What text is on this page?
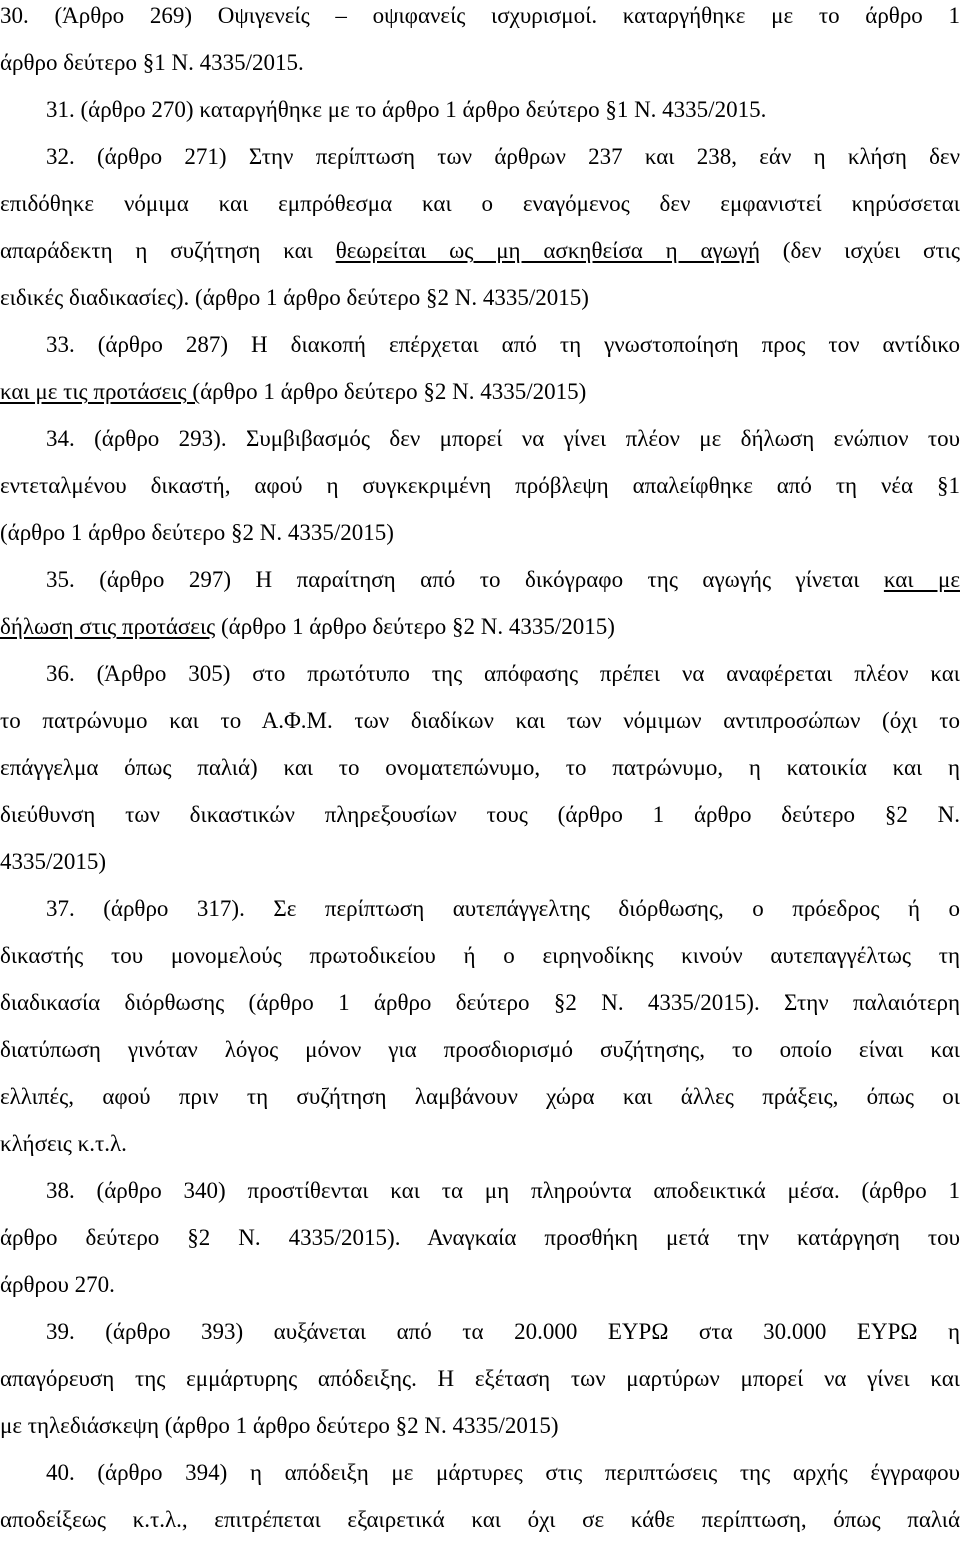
30. (Άρθρο 269) Οψιγενείς – οψιφανείς ισχυρισμοί. καταργήθηκε με το άρθρο 1
άρθρο δεύτερο §1 Ν. 4335/2015.
31. (άρθρο 270) καταργήθηκε με το άρθρο 1 άρθρο δεύτερο §1 Ν. 4335/2015.
32. (άρθρο 271) Στην περίπτωση των άρθρων 237 και 238, εάν η κλήση δεν
επιδόθηκε νόμιμα και εμπρόθεσμα και ο εναγόμενος δεν εμφανιστεί κηρύσσεται
απαράδεκτη η συζήτηση και θεωρείται ως μη ασκηθείσα η αγωγή (δεν ισχύει στις
ειδικές διαδικασίες). (άρθρο 1 άρθρο δεύτερο §2 Ν. 4335/2015)
33. (άρθρο 287) Η διακοπή επέρχεται από τη γνωστοποίηση προς τον αντίδικο
και με τις προτάσεις (άρθρο 1 άρθρο δεύτερο §2 Ν. 4335/2015)
34. (άρθρο 293). Συμβιβασμός δεν μπορεί να γίνει πλέον με δήλωση ενώπιον του
εντεταλμένου δικαστή, αφού η συγκεκριμένη πρόβλεψη απαλείφθηκε από τη νέα §1
(άρθρο 1 άρθρο δεύτερο §2 Ν. 4335/2015)
35. (άρθρο 297) Η παραίτηση από το δικόγραφο της αγωγής γίνεται και με
δήλωση στις προτάσεις (άρθρο 1 άρθρο δεύτερο §2 Ν. 4335/2015)
36. (Άρθρο 305) στο πρωτότυπο της απόφασης πρέπει να αναφέρεται πλέον και
το πατρώνυμο και το Α.Φ.Μ. των διαδίκων και των νόμιμων αντιπροσώπων (όχι το
επάγγελμα όπως παλιά) και το ονοματεπώνυμο, το πατρώνυμο, η κατοικία και η
διεύθυνση των δικαστικών πληρεξουσίων τους (άρθρο 1 άρθρο δεύτερο §2 Ν.
4335/2015)
37. (άρθρο 317). Σε περίπτωση αυτεπάγγελτης διόρθωσης, ο πρόεδρος ή ο
δικαστής του μονομελούς πρωτοδικείου ή ο ειρηνοδίκης κινούν αυτεπαγγέλτως τη
διαδικασία διόρθωσης (άρθρο 1 άρθρο δεύτερο §2 Ν. 4335/2015). Στην παλαιότερη
διατύπωση γινόταν λόγος μόνον για προσδιορισμό συζήτησης, το οποίο είναι και
ελλιπές, αφού πριν τη συζήτηση λαμβάνουν χώρα και άλλες πράξεις, όπως οι
κλήσεις κ.τ.λ.
38. (άρθρο 340) προστίθενται και τα μη πληρούντα αποδεικτικά μέσα. (άρθρο 1
άρθρο δεύτερο §2 Ν. 4335/2015). Αναγκαία προσθήκη μετά την κατάργηση του
άρθρου 270.
39. (άρθρο 393) αυξάνεται από τα 20.000 ΕΥΡΩ στα 30.000 ΕΥΡΩ η
απαγόρευση της εμμάρτυρης απόδειξης. Η εξέταση των μαρτύρων μπορεί να γίνει και
με τηλεδιάσκεψη (άρθρο 1 άρθρο δεύτερο §2 Ν. 4335/2015)
40. (άρθρο 394) η απόδειξη με μάρτυρες στις περιπτώσεις της αρχής έγγραφου
αποδείξεως κ.τ.λ., επιτρέπεται εξαιρετικά και όχι σε κάθε περίπτωση, όπως παλιά
